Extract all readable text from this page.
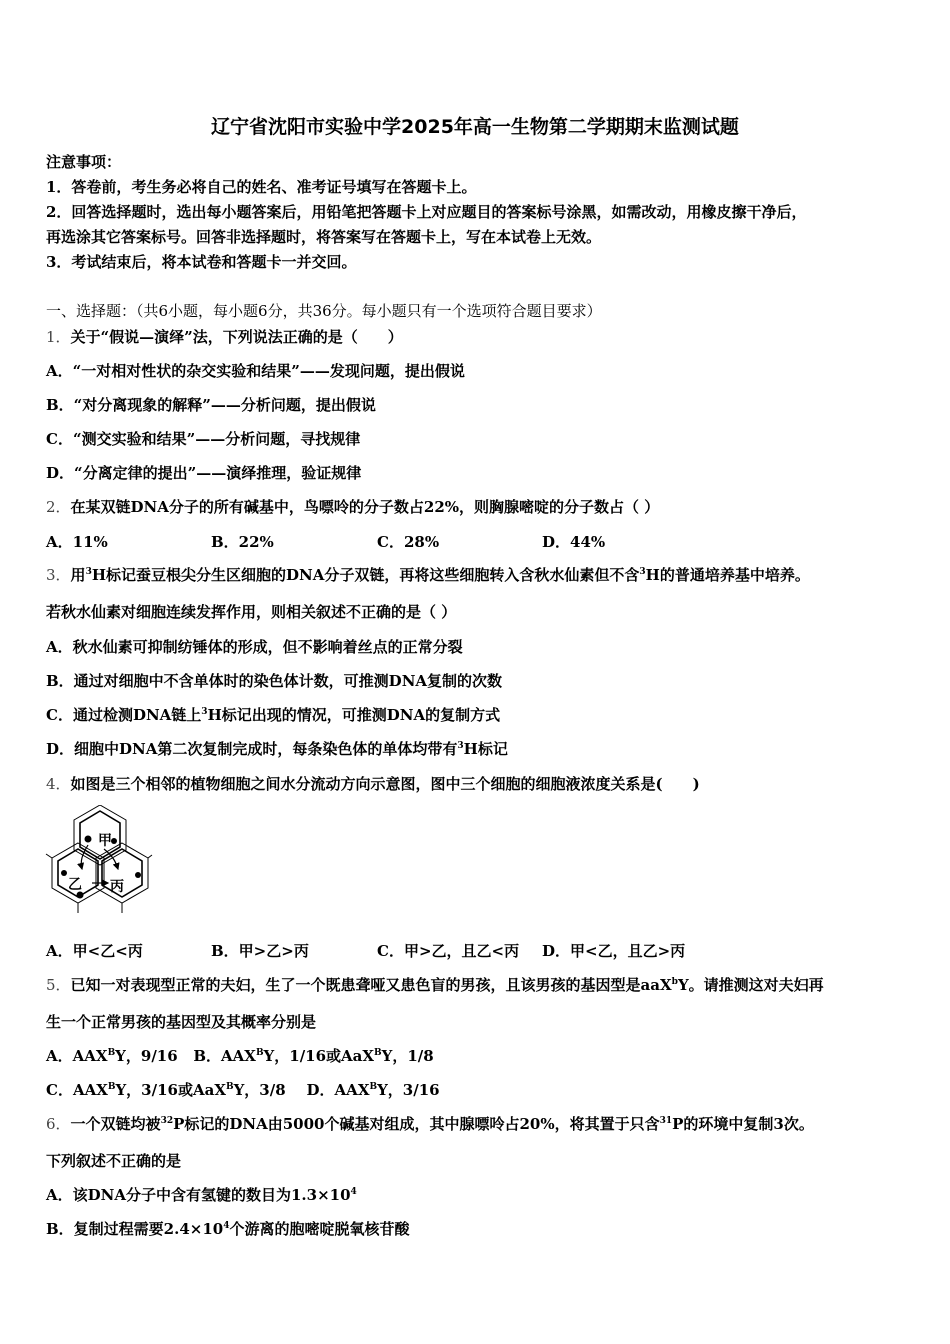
辽宁省沈阳市实验中学2025年高一生物第二学期期末监测试题
注意事项：
1．答卷前，考生务必将自己的姓名、准考证号填写在答题卡上。
2．回答选择题时，选出每小题答案后，用铅笔把答题卡上对应题目的答案标号涂黑，如需改动，用橡皮擦干净后，
再选涂其它答案标号。回答非选择题时，将答案写在答题卡上，写在本试卷上无效。
3．考试结束后，将本试卷和答题卡一并交回。
一、选择题：（共6小题，每小题6分，共36分。每小题只有一个选项符合题目要求）
1．关于“假说—演绎”法，下列说法正确的是（　　）
A．“一对相对性状的杂交实验和结果”——发现问题，提出假说
B．“对分离现象的解释”——分析问题，提出假说
C．“测交实验和结果”——分析问题，寻找规律
D．“分离定律的提出”——演绎推理，验证规律
2．在某双链DNA分子的所有碱基中，鸟嘌呤的分子数占22%，则胸腺嘧啶的分子数占（ ）
A．11%	B．22%	C．28%	D．44%
3．用$^3$H标记蚕豆根尖分生区细胞的DNA分子双链，再将这些细胞转入含秋水仙素但不含$^3$H的普通培养基中培养。
若秋水仙素对细胞连续发挥作用，则相关叙述不正确的是（ ）
A．秋水仙素可抑制纺锤体的形成，但不影响着丝点的正常分裂
B．通过对细胞中不含单体时的染色体计数，可推测DNA复制的次数
C．通过检测DNA链上$^3$H标记出现的情况，可推测DNA的复制方式
D．细胞中DNA第二次复制完成时，每条染色体的单体均带有$^3$H标记
4．如图是三个相邻的植物细胞之间水分流动方向示意图，图中三个细胞的细胞液浓度关系是(　　)
甲
乙 丙
A．甲<乙<丙	B．甲>乙>丙	C．甲>乙，且乙<丙 D．甲<乙，且乙>丙
5．已知一对表现型正常的夫妇，生了一个既患聋哑又患色盲的男孩，且该男孩的基因型是aaX$^b$Y。请推测这对夫妇再
生一个正常男孩的基因型及其概率分别是
A．$AAX^BY$，9/16 B．$AAX^BY$，1/16或AaX$^B$Y，1/8
C．$AAX^BY$，3/16或AaX$^B$Y，3/8 D．$AAX^BY$，3/16
6．一个双链均被$^{32}$P标记的DNA由5000个碱基对组成，其中腺嘌呤占20%，将其置于只含$^{31}$P的环境中复制3次。
下列叙述不正确的是
A．该DNA分子中含有氢键的数目为$1.3\times 10^4$
B．复制过程需要$2.4\times 10^4$个游离的胞嘧啶脱氧核苷酸
